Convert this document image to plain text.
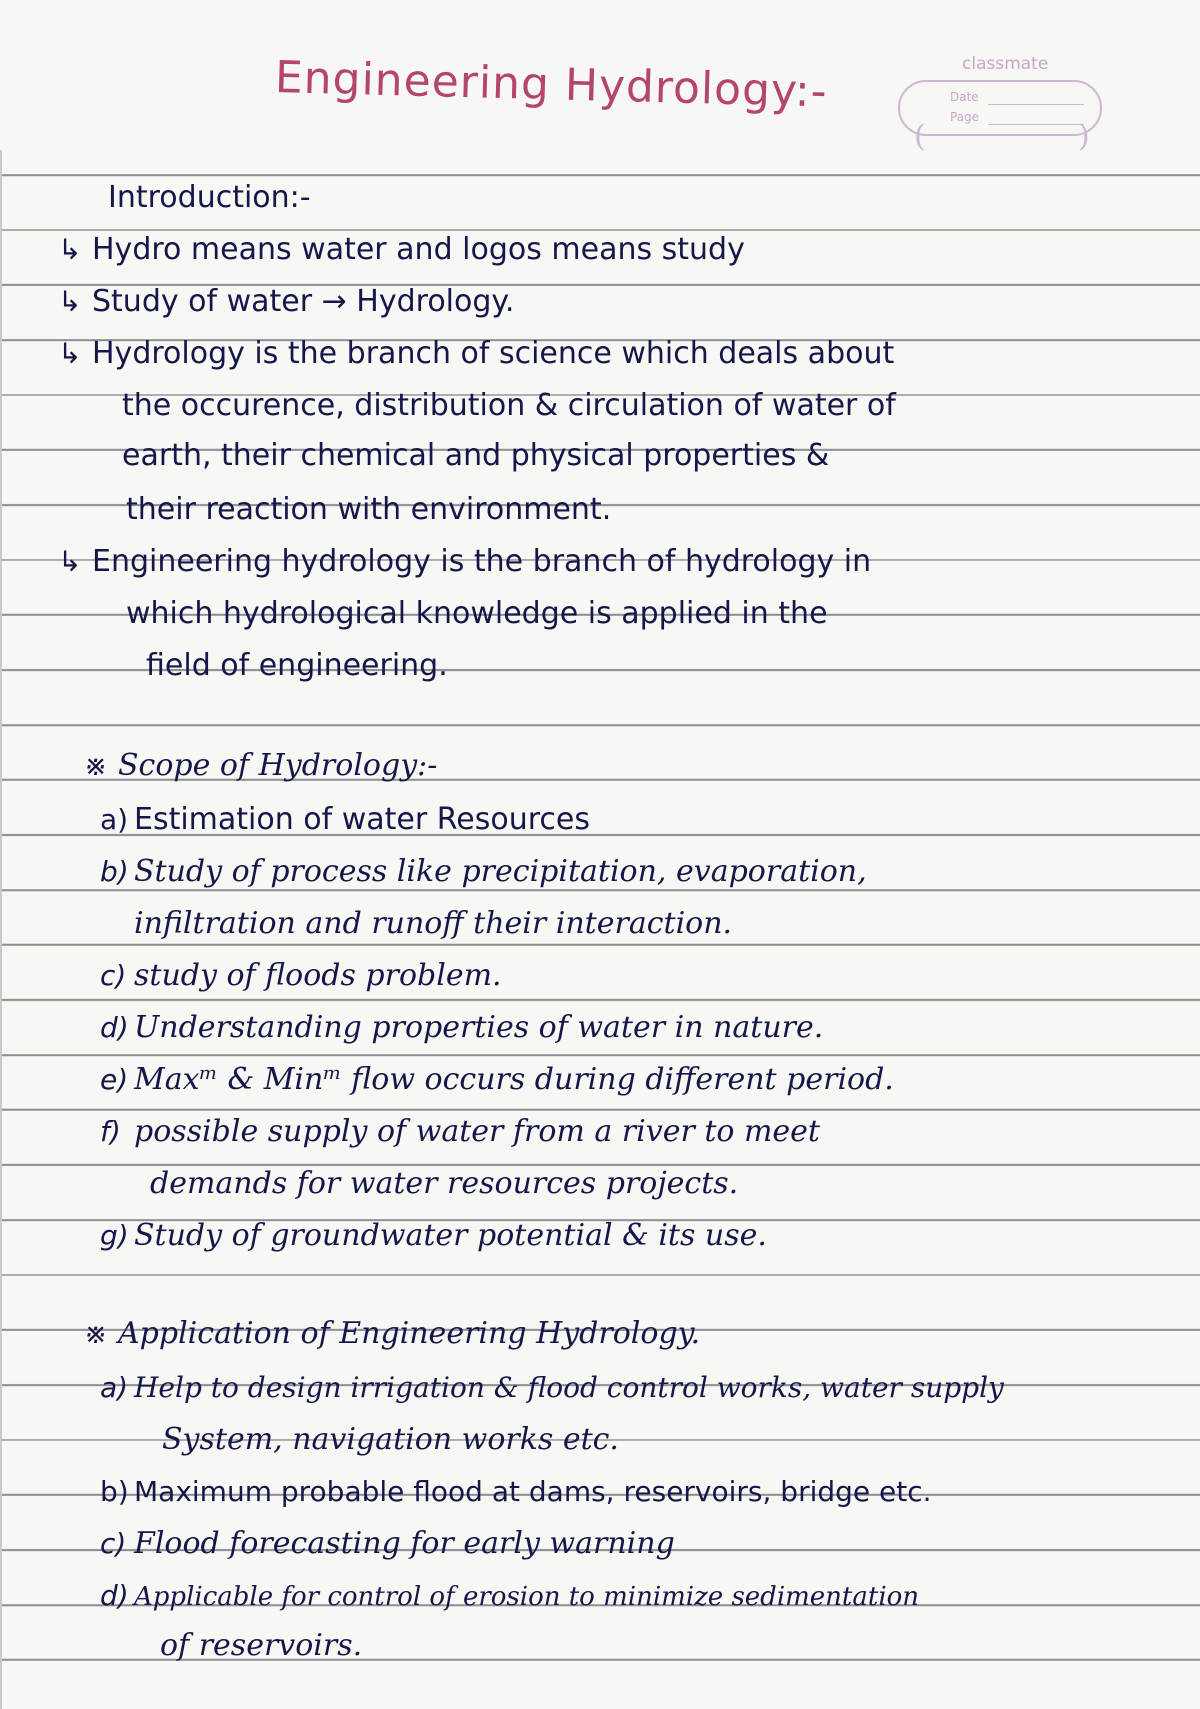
Engineering Hydrology:-	classmate

(
Date
Page
)

Introduction:-

↳ Hydro means water and logos means study

↳ Study of water → Hydrology.

↳ Hydrology is the branch of science which deals about

the occurence, distribution & circulation of water of

earth, their chemical and physical properties &

their reaction with environment.

↳ Engineering hydrology is the branch of hydrology in

which hydrological knowledge is applied in the

field of engineering.

※ Scope of Hydrology:-

a) Estimation of water Resources

b) Study of process like precipitation, evaporation,

infiltration and runoff their interaction.

c) study of floods problem.

d) Understanding properties of water in nature.

e) Maxᵐ & Minᵐ flow occurs during different period.

f) possible supply of water from a river to meet

demands for water resources projects.

g) Study of groundwater potential & its use.

※ Application of Engineering Hydrology.

a) Help to design irrigation & flood control works, water supply

System, navigation works etc.

b) Maximum probable flood at dams, reservoirs, bridge etc.

c) Flood forecasting for early warning

d) Applicable for control of erosion to minimize sedimentation

of reservoirs.
